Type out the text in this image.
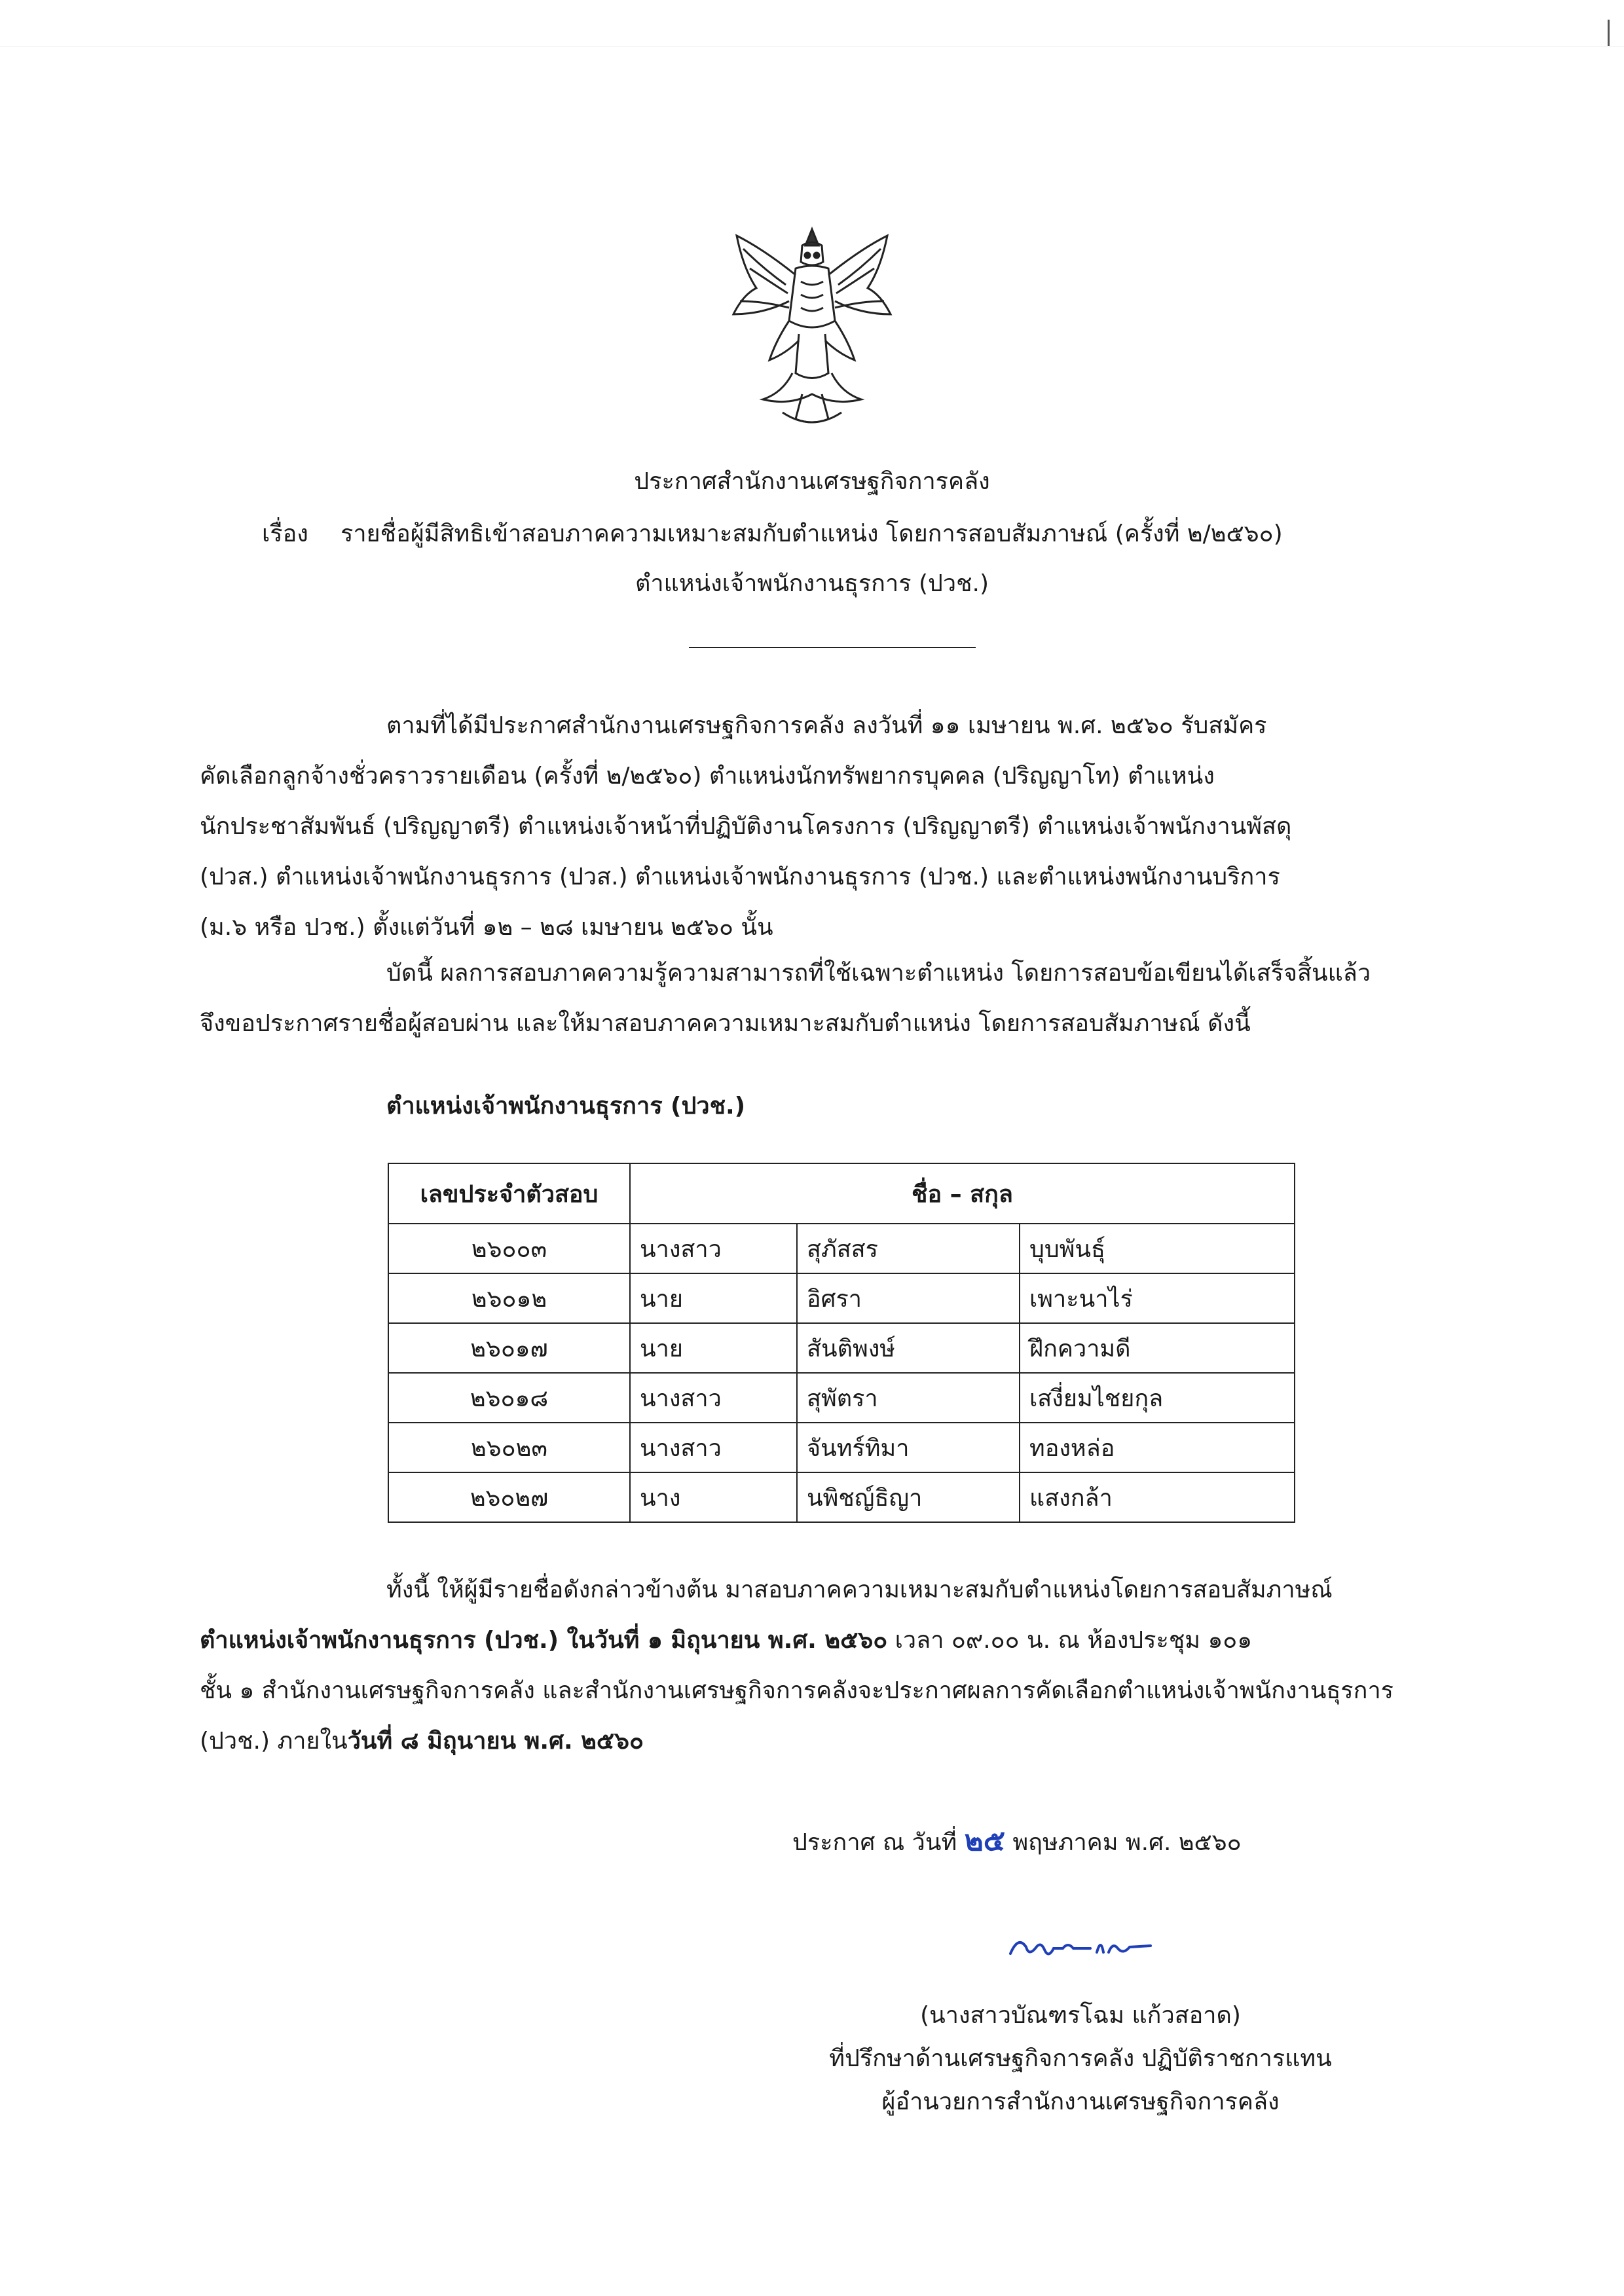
ประกาศสำนักงานเศรษฐกิจการคลัง
เรื่อง รายชื่อผู้มีสิทธิเข้าสอบภาคความเหมาะสมกับตำแหน่ง โดยการสอบสัมภาษณ์ (ครั้งที่ ๒/๒๕๖๐)
ตำแหน่งเจ้าพนักงานธุรการ (ปวช.)

ตามที่ได้มีประกาศสำนักงานเศรษฐกิจการคลัง ลงวันที่ ๑๑ เมษายน พ.ศ. ๒๕๖๐ รับสมัคร

คัดเลือกลูกจ้างชั่วคราวรายเดือน (ครั้งที่ ๒/๒๕๖๐) ตำแหน่งนักทรัพยากรบุคคล (ปริญญาโท) ตำแหน่ง

นักประชาสัมพันธ์ (ปริญญาตรี) ตำแหน่งเจ้าหน้าที่ปฏิบัติงานโครงการ (ปริญญาตรี) ตำแหน่งเจ้าพนักงานพัสดุ

(ปวส.) ตำแหน่งเจ้าพนักงานธุรการ (ปวส.) ตำแหน่งเจ้าพนักงานธุรการ (ปวช.) และตำแหน่งพนักงานบริการ

(ม.๖ หรือ ปวช.) ตั้งแต่วันที่ ๑๒ – ๒๘ เมษายน ๒๕๖๐ นั้น

บัดนี้ ผลการสอบภาคความรู้ความสามารถที่ใช้เฉพาะตำแหน่ง โดยการสอบข้อเขียนได้เสร็จสิ้นแล้ว

จึงขอประกาศรายชื่อผู้สอบผ่าน และให้มาสอบภาคความเหมาะสมกับตำแหน่ง โดยการสอบสัมภาษณ์ ดังนี้

ตำแหน่งเจ้าพนักงานธุรการ (ปวช.)
เลขประจำตัวสอบ	ชื่อ – สกุล		
๒๖๐๐๓	นางสาว	สุภัสสร	บุบพันธุ์
๒๖๐๑๒	นาย	อิศรา	เพาะนาไร่
๒๖๐๑๗	นาย	สันติพงษ์	ฝึกความดี
๒๖๐๑๘	นางสาว	สุพัตรา	เสงี่ยมไชยกุล
๒๖๐๒๓	นางสาว	จันทร์ทิมา	ทองหล่อ
๒๖๐๒๗	นาง	นพิชญ์ธิญา	แสงกล้า

ทั้งนี้ ให้ผู้มีรายชื่อดังกล่าวข้างต้น มาสอบภาคความเหมาะสมกับตำแหน่งโดยการสอบสัมภาษณ์

ตำแหน่งเจ้าพนักงานธุรการ (ปวช.) ในวันที่ ๑ มิถุนายน พ.ศ. ๒๕๖๐ เวลา ๐๙.๐๐ น. ณ ห้องประชุม ๑๐๑

ชั้น ๑ สำนักงานเศรษฐกิจการคลัง และสำนักงานเศรษฐกิจการคลังจะประกาศผลการคัดเลือกตำแหน่งเจ้าพนักงานธุรการ

(ปวช.) ภายในวันที่ ๘ มิถุนายน พ.ศ. ๒๕๖๐

ประกาศ ณ วันที่ ๒๕ พฤษภาคม พ.ศ. ๒๕๖๐
(นางสาวบัณฑรโฉม แก้วสอาด)
ที่ปรึกษาด้านเศรษฐกิจการคลัง ปฏิบัติราชการแทน
ผู้อำนวยการสำนักงานเศรษฐกิจการคลัง
